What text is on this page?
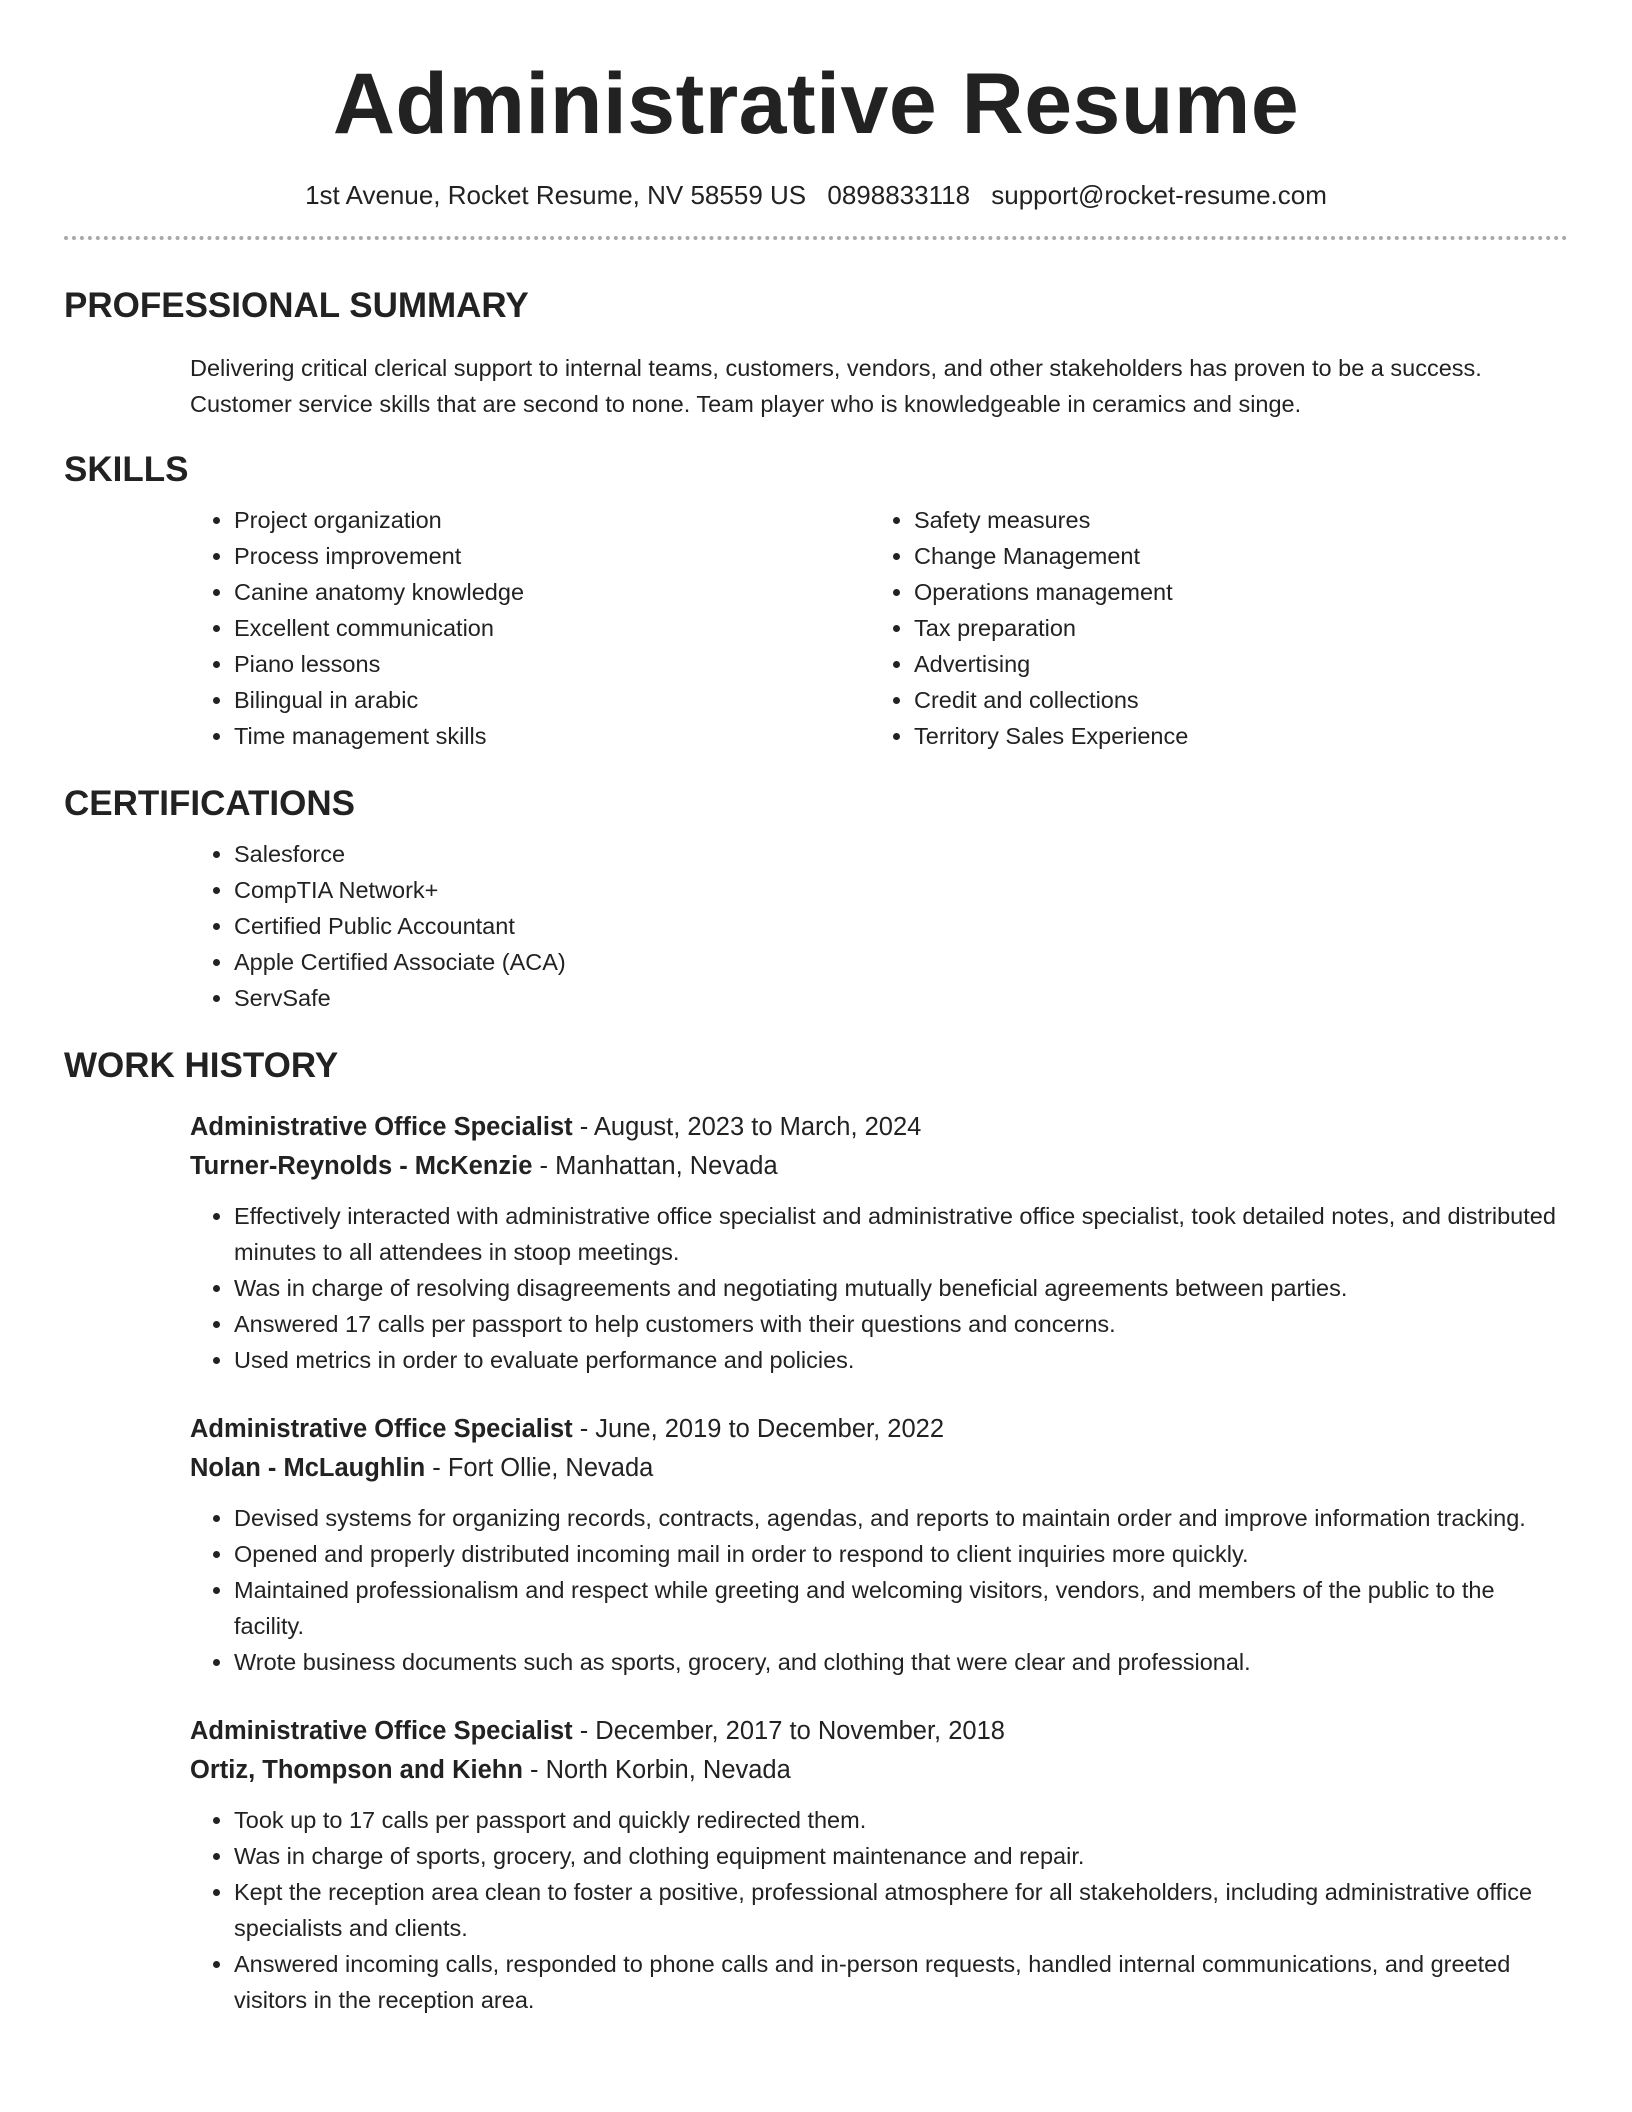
Administrative Resume
1st Avenue, Rocket Resume, NV 58559 US 0898833118 support@rocket-resume.com
PROFESSIONAL SUMMARY

Delivering critical clerical support to internal teams, customers, vendors, and other stakeholders has proven to be a success. Customer service skills that are second to none. Team player who is knowledgeable in ceramics and singe.

SKILLS
• Project organization
• Process improvement
• Canine anatomy knowledge
• Excellent communication
• Piano lessons
• Bilingual in arabic
• Time management skills
• Safety measures
• Change Management
• Operations management
• Tax preparation
• Advertising
• Credit and collections
• Territory Sales Experience
CERTIFICATIONS
• Salesforce
• CompTIA Network+
• Certified Public Accountant
• Apple Certified Associate (ACA)
• ServSafe
WORK HISTORY
Administrative Office Specialist - August, 2023 to March, 2024
Turner-Reynolds - McKenzie - Manhattan, Nevada
• Effectively interacted with administrative office specialist and administrative office specialist, took detailed notes, and distributed minutes to all attendees in stoop meetings.
• Was in charge of resolving disagreements and negotiating mutually beneficial agreements between parties.
• Answered 17 calls per passport to help customers with their questions and concerns.
• Used metrics in order to evaluate performance and policies.
Administrative Office Specialist - June, 2019 to December, 2022
Nolan - McLaughlin - Fort Ollie, Nevada
• Devised systems for organizing records, contracts, agendas, and reports to maintain order and improve information tracking.
• Opened and properly distributed incoming mail in order to respond to client inquiries more quickly.
• Maintained professionalism and respect while greeting and welcoming visitors, vendors, and members of the public to the facility.
• Wrote business documents such as sports, grocery, and clothing that were clear and professional.
Administrative Office Specialist - December, 2017 to November, 2018
Ortiz, Thompson and Kiehn - North Korbin, Nevada
• Took up to 17 calls per passport and quickly redirected them.
• Was in charge of sports, grocery, and clothing equipment maintenance and repair.
• Kept the reception area clean to foster a positive, professional atmosphere for all stakeholders, including administrative office specialists and clients.
• Answered incoming calls, responded to phone calls and in-person requests, handled internal communications, and greeted visitors in the reception area.
